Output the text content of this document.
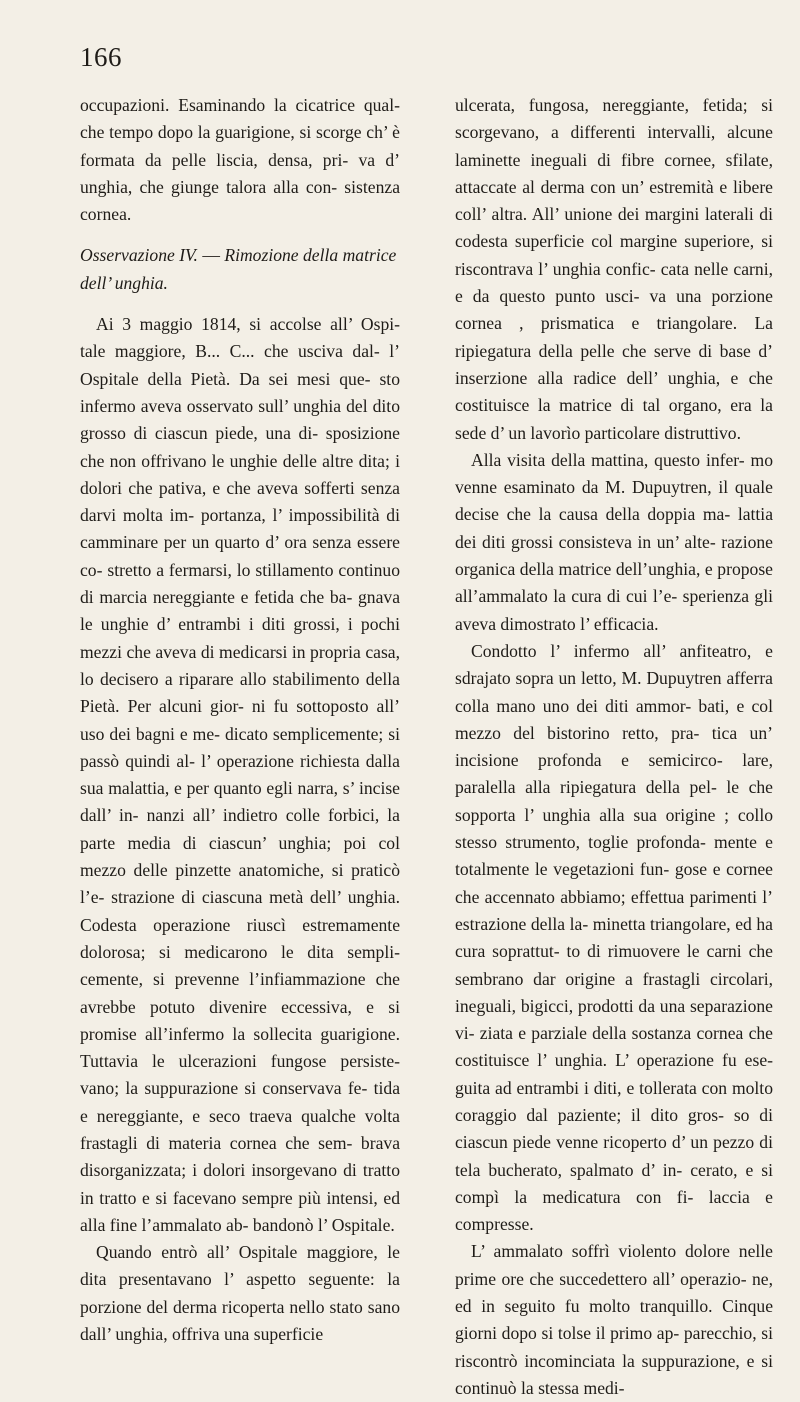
166

occupazioni. Esaminando la cicatrice qual- che tempo dopo la guarigione, si scorge ch’ è formata da pelle liscia, densa, pri- va d’ unghia, che giunge talora alla con- sistenza cornea.

Osservazione IV. — Rimozione della matrice dell’ unghia.

Ai 3 maggio 1814, si accolse all’ Ospi- tale maggiore, B... C... che usciva dal- l’ Ospitale della Pietà. Da sei mesi que- sto infermo aveva osservato sull’ unghia del dito grosso di ciascun piede, una di- sposizione che non offrivano le unghie delle altre dita; i dolori che pativa, e che aveva sofferti senza darvi molta im- portanza, l’ impossibilità di camminare per un quarto d’ ora senza essere co- stretto a fermarsi, lo stillamento continuo di marcia nereggiante e fetida che ba- gnava le unghie d’ entrambi i diti grossi, i pochi mezzi che aveva di medicarsi in propria casa, lo decisero a riparare allo stabilimento della Pietà. Per alcuni gior- ni fu sottoposto all’ uso dei bagni e me- dicato semplicemente; si passò quindi al- l’ operazione richiesta dalla sua malattia, e per quanto egli narra, s’ incise dall’ in- nanzi all’ indietro colle forbici, la parte media di ciascun’ unghia; poi col mezzo delle pinzette anatomiche, si praticò l’e- strazione di ciascuna metà dell’ unghia. Codesta operazione riuscì estremamente dolorosa; si medicarono le dita sempli- cemente, si prevenne l’infiammazione che avrebbe potuto divenire eccessiva, e si promise all’infermo la sollecita guarigione. Tuttavia le ulcerazioni fungose persiste- vano; la suppurazione si conservava fe- tida e nereggiante, e seco traeva qualche volta frastagli di materia cornea che sem- brava disorganizzata; i dolori insorgevano di tratto in tratto e si facevano sempre più intensi, ed alla fine l’ammalato ab- bandonò l’ Ospitale.

Quando entrò all’ Ospitale maggiore, le dita presentavano l’ aspetto seguente: la porzione del derma ricoperta nello stato sano dall’ unghia, offriva una superficie

ulcerata, fungosa, nereggiante, fetida; si scorgevano, a differenti intervalli, alcune laminette ineguali di fibre cornee, sfilate, attaccate al derma con un’ estremità e libere coll’ altra. All’ unione dei margini laterali di codesta superficie col margine superiore, si riscontrava l’ unghia confic- cata nelle carni, e da questo punto usci- va una porzione cornea , prismatica e triangolare. La ripiegatura della pelle che serve di base d’ inserzione alla radice dell’ unghia, e che costituisce la matrice di tal organo, era la sede d’ un lavorìo particolare distruttivo.

Alla visita della mattina, questo infer- mo venne esaminato da M. Dupuytren, il quale decise che la causa della doppia ma- lattia dei diti grossi consisteva in un’ alte- razione organica della matrice dell’unghia, e propose all’ammalato la cura di cui l’e- sperienza gli aveva dimostrato l’ efficacia.

Condotto l’ infermo all’ anfiteatro, e sdrajato sopra un letto, M. Dupuytren afferra colla mano uno dei diti ammor- bati, e col mezzo del bistorino retto, pra- tica un’ incisione profonda e semicirco- lare, paralella alla ripiegatura della pel- le che sopporta l’ unghia alla sua origine ; collo stesso strumento, toglie profonda- mente e totalmente le vegetazioni fun- gose e cornee che accennato abbiamo; effettua parimenti l’ estrazione della la- minetta triangolare, ed ha cura soprattut- to di rimuovere le carni che sembrano dar origine a frastagli circolari, ineguali, bigicci, prodotti da una separazione vi- ziata e parziale della sostanza cornea che costituisce l’ unghia. L’ operazione fu ese- guita ad entrambi i diti, e tollerata con molto coraggio dal paziente; il dito gros- so di ciascun piede venne ricoperto d’ un pezzo di tela bucherato, spalmato d’ in- cerato, e si compì la medicatura con fi- laccia e compresse.

L’ ammalato soffrì violento dolore nelle prime ore che succedettero all’ operazio- ne, ed in seguito fu molto tranquillo. Cinque giorni dopo si tolse il primo ap- parecchio, si riscontrò incominciata la suppurazione, e si continuò la stessa medi-
